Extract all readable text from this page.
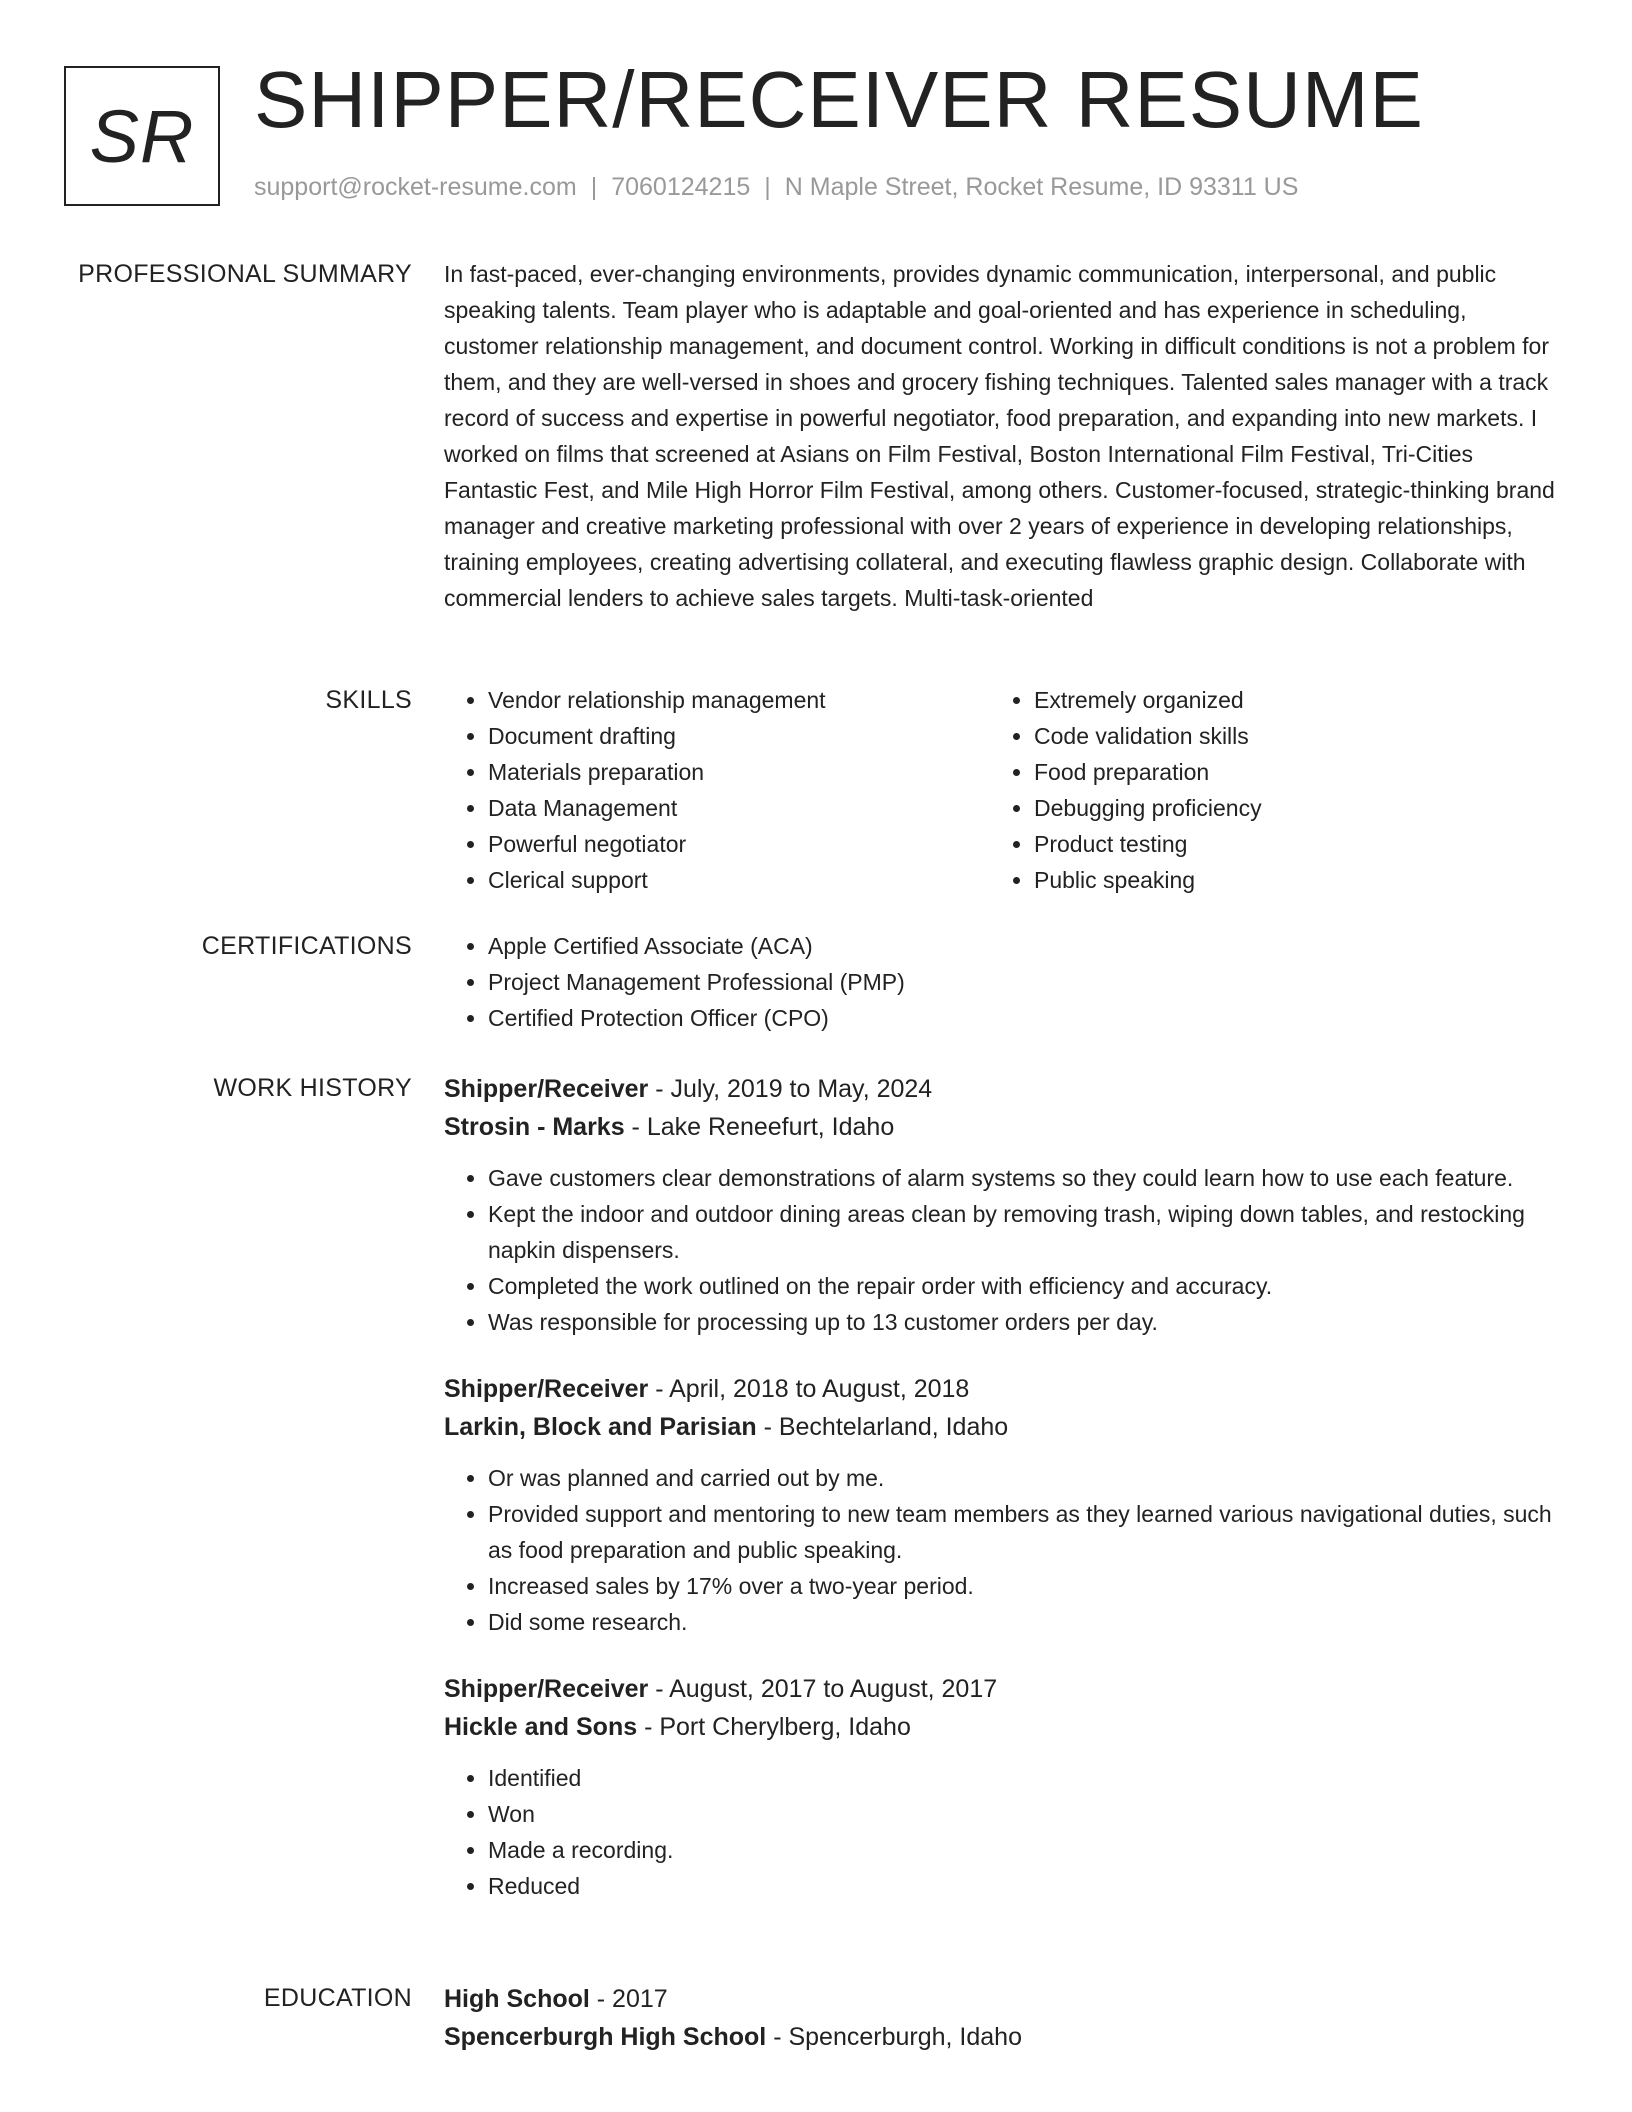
SR SHIPPER/RECEIVER RESUME
support@rocket-resume.com | 7060124215 | N Maple Street, Rocket Resume, ID 93311 US
PROFESSIONAL SUMMARY In fast-paced, ever-changing environments, provides dynamic communication, interpersonal, and public speaking talents. Team player who is adaptable and goal-oriented and has experience in scheduling, customer relationship management, and document control. Working in difficult conditions is not a problem for them, and they are well-versed in shoes and grocery fishing techniques. Talented sales manager with a track record of success and expertise in powerful negotiator, food preparation, and expanding into new markets. I worked on films that screened at Asians on Film Festival, Boston International Film Festival, Tri-Cities Fantastic Fest, and Mile High Horror Film Festival, among others. Customer-focused, strategic-thinking brand manager and creative marketing professional with over 2 years of experience in developing relationships, training employees, creating advertising collateral, and executing flawless graphic design. Collaborate with commercial lenders to achieve sales targets. Multi-task-oriented

SKILLS	• Vendor relationship management
• Document drafting
• Materials preparation
• Data Management
• Powerful negotiator
• Clerical support
• Extremely organized
• Code validation skills
• Food preparation
• Debugging proficiency
• Product testing
• Public speaking
CERTIFICATIONS	• Apple Certified Associate (ACA)
• Project Management Professional (PMP)
• Certified Protection Officer (CPO)
WORK HISTORY Shipper/Receiver - July, 2019 to May, 2024
Strosin - Marks - Lake Reneefurt, Idaho
• Gave customers clear demonstrations of alarm systems so they could learn how to use each feature.
• Kept the indoor and outdoor dining areas clean by removing trash, wiping down tables, and restocking napkin dispensers.
• Completed the work outlined on the repair order with efficiency and accuracy.
• Was responsible for processing up to 13 customer orders per day.
Shipper/Receiver - April, 2018 to August, 2018
Larkin, Block and Parisian - Bechtelarland, Idaho
• Or was planned and carried out by me.
• Provided support and mentoring to new team members as they learned various navigational duties, such as food preparation and public speaking.
• Increased sales by 17% over a two-year period.
• Did some research.
Shipper/Receiver - August, 2017 to August, 2017
Hickle and Sons - Port Cherylberg, Idaho
• Identified
• Won
• Made a recording.
• Reduced
EDUCATION High School - 2017
Spencerburgh High School - Spencerburgh, Idaho
